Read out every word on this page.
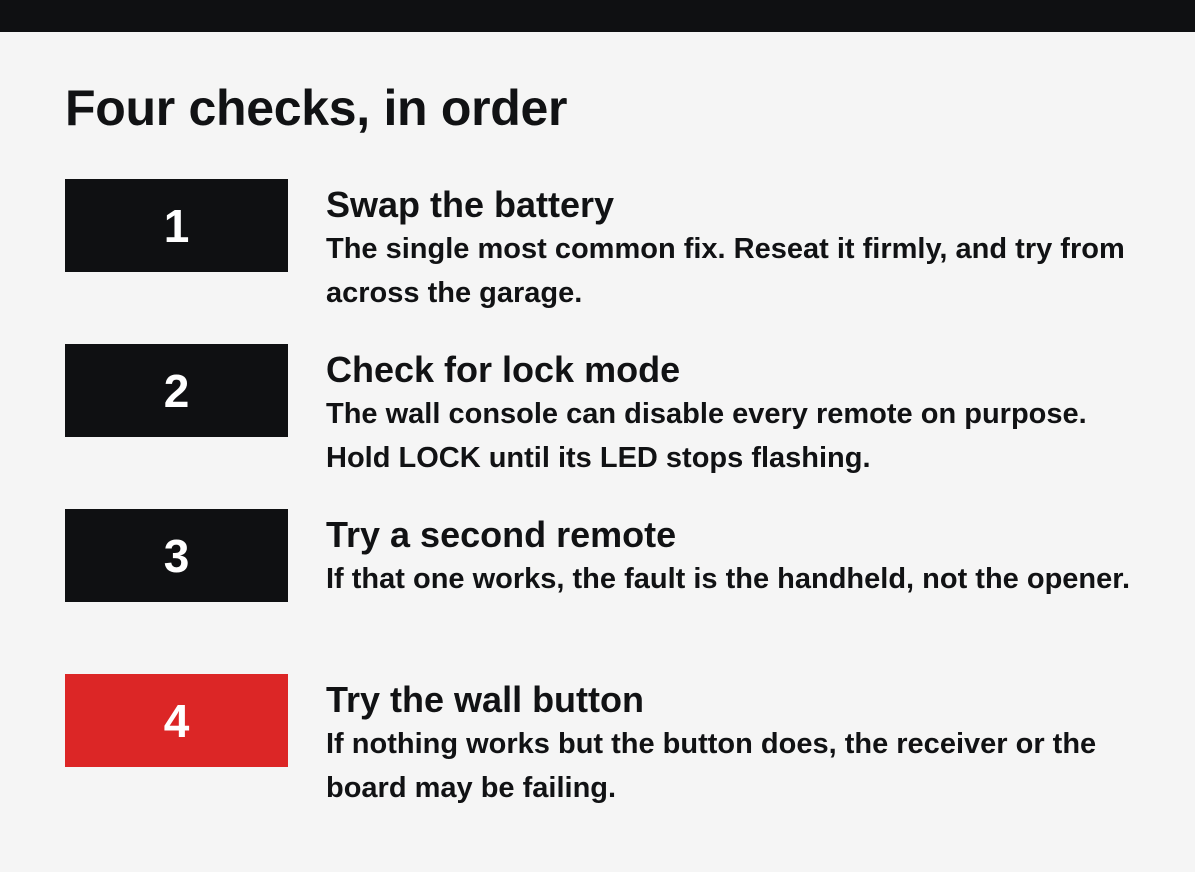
Four checks, in order
1	Swap the battery

The single most common fix. Reseat it firmly, and try from across the garage.

2	Check for lock mode

The wall console can disable every remote on purpose. Hold LOCK until its LED stops flashing.

3	Try a second remote

If that one works, the fault is the handheld, not the opener.

4	Try the wall button

If nothing works but the button does, the receiver or the board may be failing.
